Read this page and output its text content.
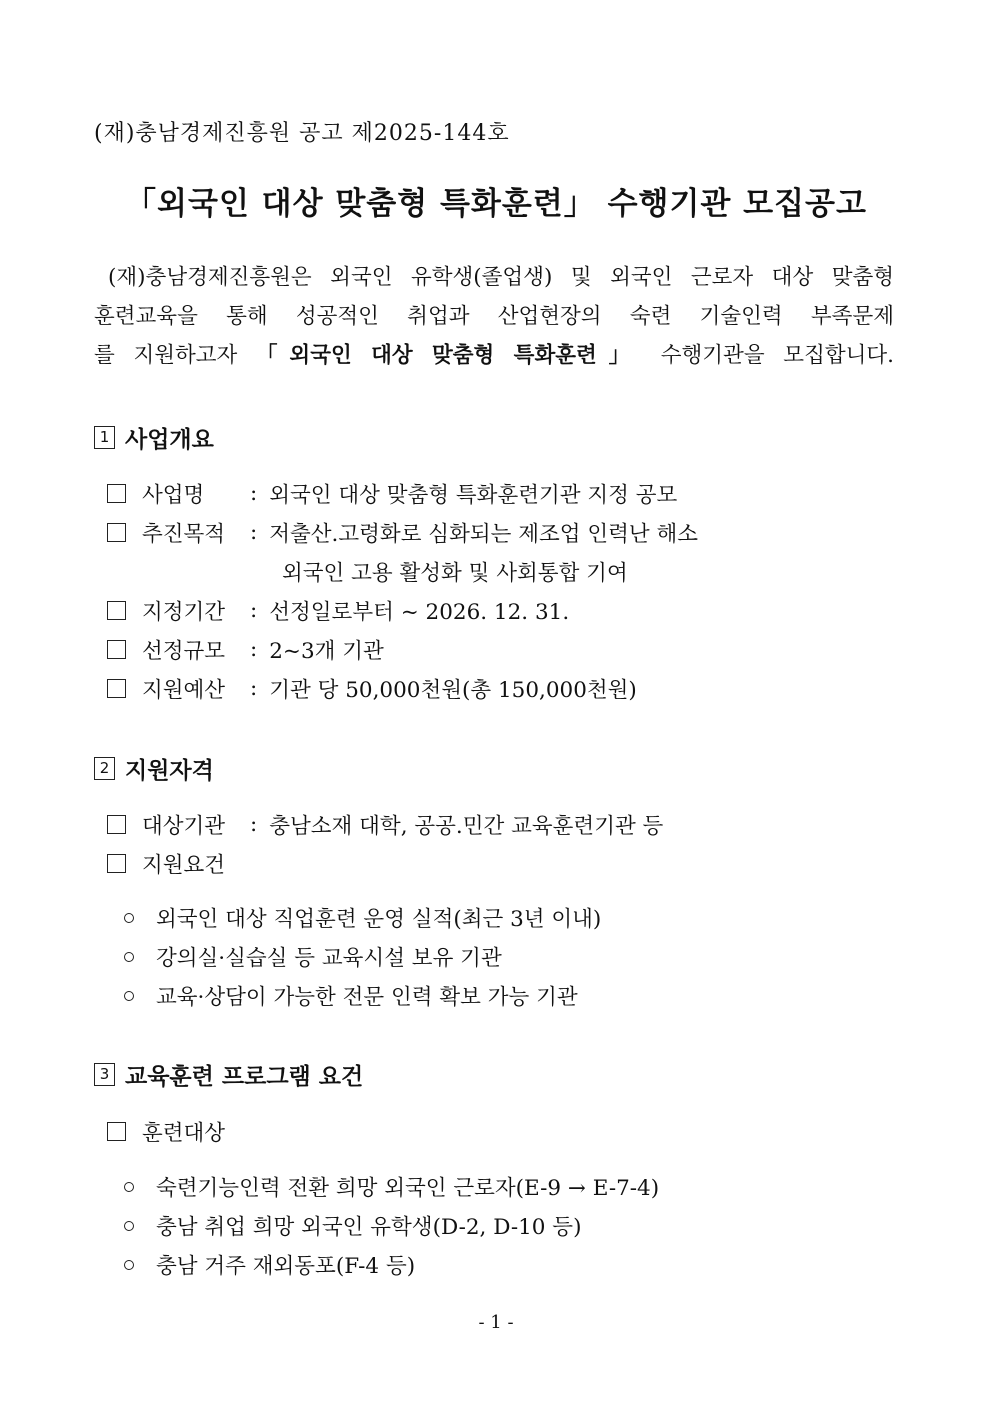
(재)충남경제진흥원 공고 제2025-144호
「외국인 대상 맞춤형 특화훈련」 수행기관 모집공고
(재)충남경제진흥원은 외국인 유학생(졸업생) 및 외국인 근로자 대상 맞춤형
훈련교육을 통해 성공적인 취업과 산업현장의 숙련 기술인력 부족문제
를 지원하고자 「외국인 대상 맞춤형 특화훈련」 수행기관을 모집합니다.
1 사업개요
사업명	: 외국인 대상 맞춤형 특화훈련기관 지정 공모
추진목적	: 저출산.고령화로 심화되는 제조업 인력난 해소
외국인 고용 활성화 및 사회통합 기여
지정기간	: 선정일로부터 ~ 2026. 12. 31.
선정규모	: 2~3개 기관
지원예산	: 기관 당 50,000천원(총 150,000천원)
2 지원자격
대상기관	: 충남소재 대학, 공공.민간 교육훈련기관 등
지원요건
외국인 대상 직업훈련 운영 실적(최근 3년 이내)
강의실·실습실 등 교육시설 보유 기관
교육·상담이 가능한 전문 인력 확보 가능 기관
3 교육훈련 프로그램 요건
훈련대상
숙련기능인력 전환 희망 외국인 근로자(E-9 → E-7-4)
충남 취업 희망 외국인 유학생(D-2, D-10 등)
충남 거주 재외동포(F-4 등)
- 1 -
